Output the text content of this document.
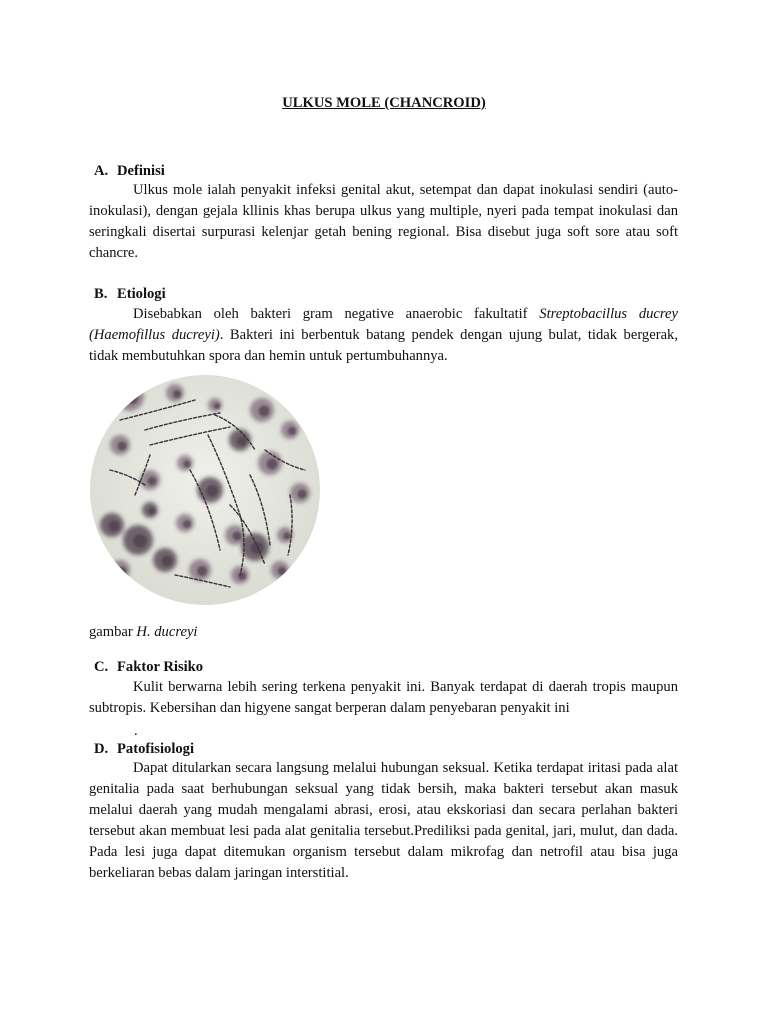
ULKUS MOLE (CHANCROID)
A. Definisi
Ulkus mole ialah penyakit infeksi genital akut, setempat dan dapat inokulasi sendiri (auto-inokulasi), dengan gejala kllinis khas berupa ulkus yang multiple, nyeri pada tempat inokulasi dan seringkali disertai surpurasi kelenjar getah bening regional. Bisa disebut juga soft sore atau soft chancre.
B. Etiologi
Disebabkan oleh bakteri gram negative anaerobic fakultatif Streptobacillus ducrey (Haemofillus ducreyi). Bakteri ini berbentuk batang pendek dengan ujung bulat, tidak bergerak, tidak membutuhkan spora dan hemin untuk pertumbuhannya.
gambar H. ducreyi
C. Faktor Risiko
Kulit berwarna lebih sering terkena penyakit ini. Banyak terdapat di daerah tropis maupun subtropis. Kebersihan dan higyene sangat berperan dalam penyebaran penyakit ini
.
D. Patofisiologi
Dapat ditularkan secara langsung melalui hubungan seksual. Ketika terdapat iritasi pada alat genitalia pada saat berhubungan seksual yang tidak bersih, maka bakteri tersebut akan masuk melalui daerah yang mudah mengalami abrasi, erosi, atau ekskoriasi dan secara perlahan bakteri tersebut akan membuat lesi pada alat genitalia tersebut.Prediliksi pada genital, jari, mulut, dan dada. Pada lesi juga dapat ditemukan organism tersebut dalam mikrofag dan netrofil atau bisa juga berkeliaran bebas dalam jaringan interstitial.
